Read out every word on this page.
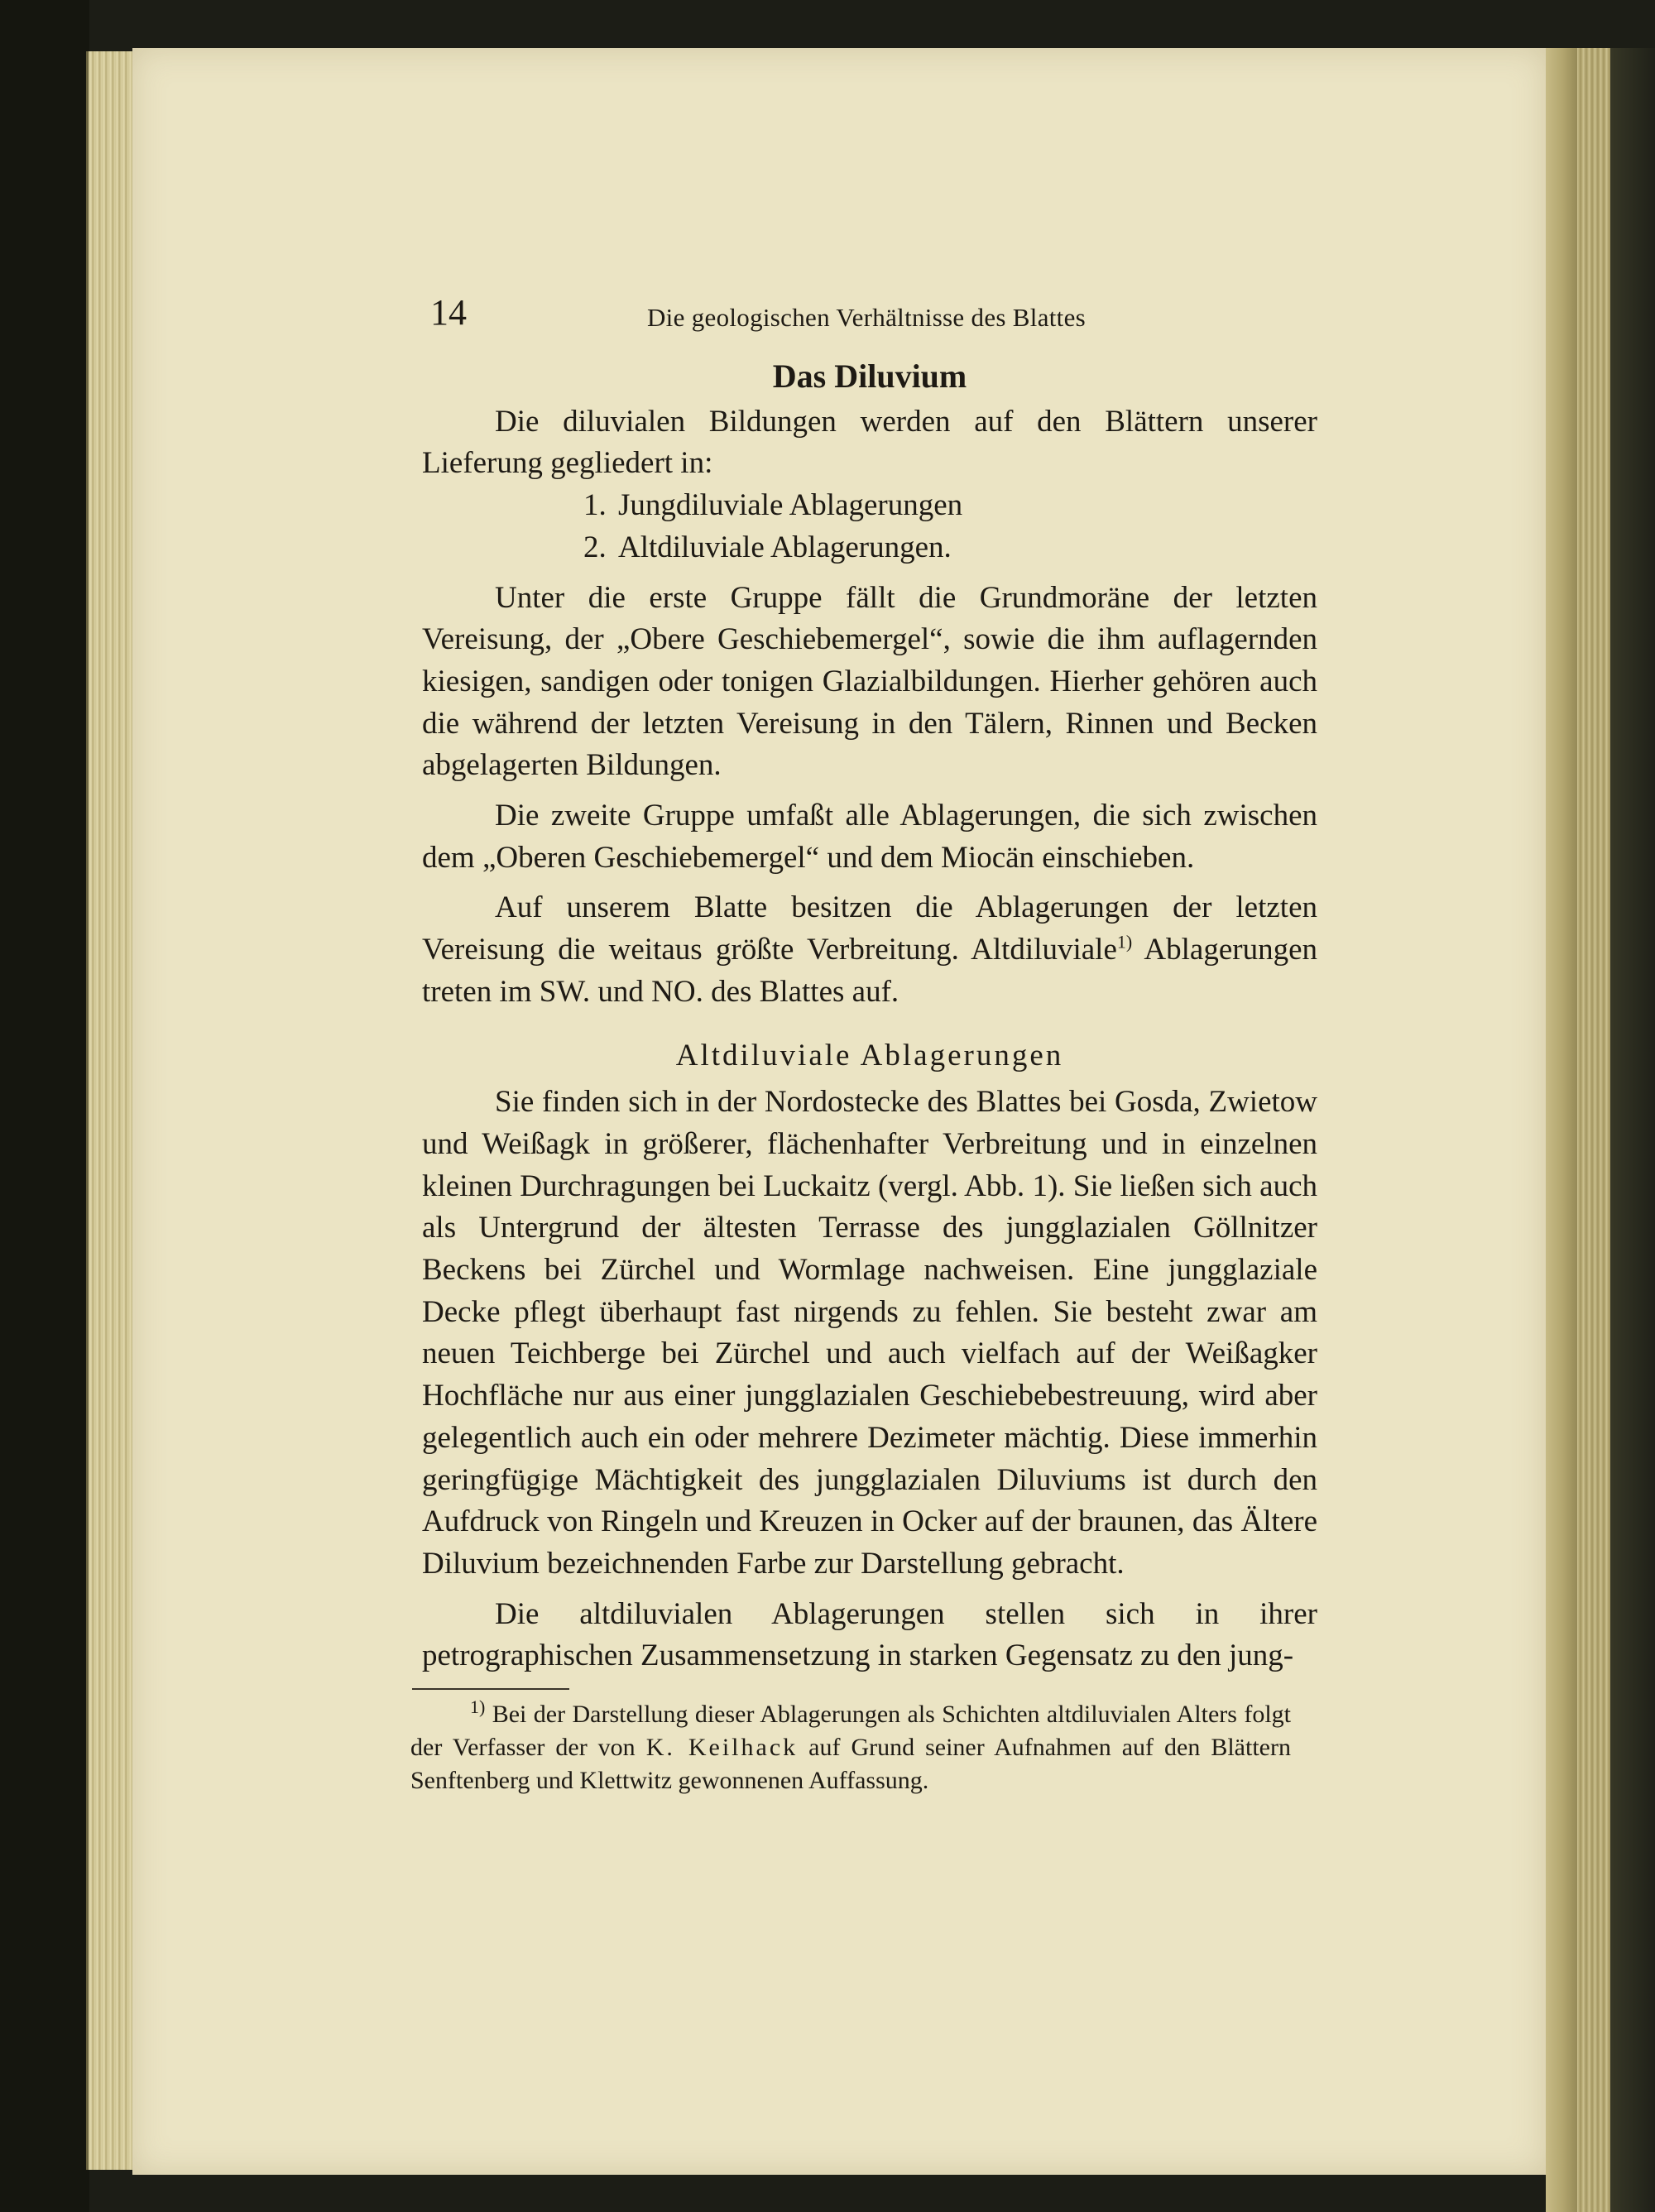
14	Die geologischen Verhältnisse des Blattes
Das Diluvium

Die diluvialen Bildungen werden auf den Blättern unserer Lieferung gegliedert in:

1. Jungdiluviale Ablagerungen
2. Altdiluviale Ablagerungen.

Unter die erste Gruppe fällt die Grundmoräne der letzten Vereisung, der „Obere Geschiebemergel“, sowie die ihm auflagernden kiesigen, sandigen oder tonigen Glazialbildungen. Hierher gehören auch die während der letzten Vereisung in den Tälern, Rinnen und Becken abgelagerten Bildungen.

Die zweite Gruppe umfaßt alle Ablagerungen, die sich zwischen dem „Oberen Geschiebemergel“ und dem Miocän einschieben.

Auf unserem Blatte besitzen die Ablagerungen der letzten Vereisung die weitaus größte Verbreitung. Altdiluviale$^{1)}$ Ablagerungen treten im SW. und NO. des Blattes auf.

Altdiluviale Ablagerungen

Sie finden sich in der Nordostecke des Blattes bei Gosda, Zwietow und Weißagk in größerer, flächenhafter Verbreitung und in einzelnen kleinen Durchragungen bei Luckaitz (vergl. Abb. 1). Sie ließen sich auch als Untergrund der ältesten Terrasse des jungglazialen Göllnitzer Beckens bei Zürchel und Wormlage nachweisen. Eine jungglaziale Decke pflegt überhaupt fast nirgends zu fehlen. Sie besteht zwar am neuen Teichberge bei Zürchel und auch vielfach auf der Weißagker Hochfläche nur aus einer jungglazialen Geschiebebestreuung, wird aber gelegentlich auch ein oder mehrere Dezimeter mächtig. Diese immerhin geringfügige Mächtigkeit des jungglazialen Diluviums ist durch den Aufdruck von Ringeln und Kreuzen in Ocker auf der braunen, das Ältere Diluvium bezeichnenden Farbe zur Darstellung gebracht.

Die altdiluvialen Ablagerungen stellen sich in ihrer petrographischen Zusammensetzung in starken Gegensatz zu den jung-

$^{1)}$ Bei der Darstellung dieser Ablagerungen als Schichten altdiluvialen Alters folgt der Verfasser der von K. Keilhack auf Grund seiner Aufnahmen auf den Blättern Senftenberg und Klettwitz gewonnenen Auffassung.
